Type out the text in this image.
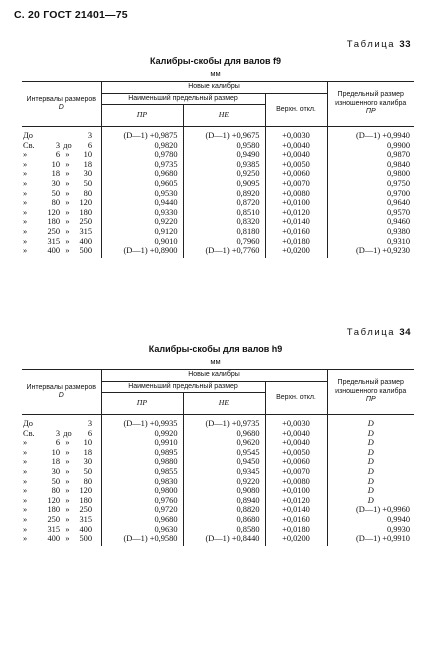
С. 20 ГОСТ 21401—75
Таблица 33
Калибры-скобы для валов f9
мм
Интервалы размеров
D	Новые калибры			Предельный размер изношенного калибра
ПР
	Наименьший предельный размер		Верхн. откл.	
	ПР	НЕ		
До 3	(D—1) +0,9875	(D—1) +0,9675	+0,0030	(D—1) +0,9940
Св. 3 до 6	0,9820	0,9580	+0,0040	0,9900
» 6 » 10	0,9780	0,9490	+0,0040	0,9870
» 10 » 18	0,9735	0,9385	+0,0050	0,9840
» 18 » 30	0,9680	0,9250	+0,0060	0,9800
» 30 » 50	0,9605	0,9095	+0,0070	0,9750
» 50 » 80	0,9530	0,8920	+0,0080	0,9700
» 80 » 120	0,9440	0,8720	+0,0100	0,9640
» 120 » 180	0,9330	0,8510	+0,0120	0,9570
» 180 » 250	0,9220	0,8320	+0,0140	0,9460
» 250 » 315	0,9120	0,8180	+0,0160	0,9380
» 315 » 400	0,9010	0,7960	+0,0180	0,9310
» 400 » 500	(D—1) +0,8900	(D—1) +0,7760	+0,0200	(D—1) +0,9230
Таблица 34
Калибры-скобы для валов h9
мм
Интервалы размеров
D	Новые калибры			Предельный размер изношенного калибра
ПР
	Наименьший предельный размер		Верхн. откл.	
	ПР	НЕ		
До 3	(D—1) +0,9935	(D—1) +0,9735	+0,0030	D
Св. 3 до 6	0,9920	0,9680	+0,0040	D
» 6 » 10	0,9910	0,9620	+0,0040	D
» 10 » 18	0,9895	0,9545	+0,0050	D
» 18 » 30	0,9880	0,9450	+0,0060	D
» 30 » 50	0,9855	0,9345	+0,0070	D
» 50 » 80	0,9830	0,9220	+0,0080	D
» 80 » 120	0,9800	0,9080	+0,0100	D
» 120 » 180	0,9760	0,8940	+0,0120	D
» 180 » 250	0,9720	0,8820	+0,0140	(D—1) +0,9960
» 250 » 315	0,9680	0,8680	+0,0160	0,9940
» 315 » 400	0,9630	0,8580	+0,0180	0,9930
» 400 » 500	(D—1) +0,9580	(D—1) +0,8440	+0,0200	(D—1) +0,9910
